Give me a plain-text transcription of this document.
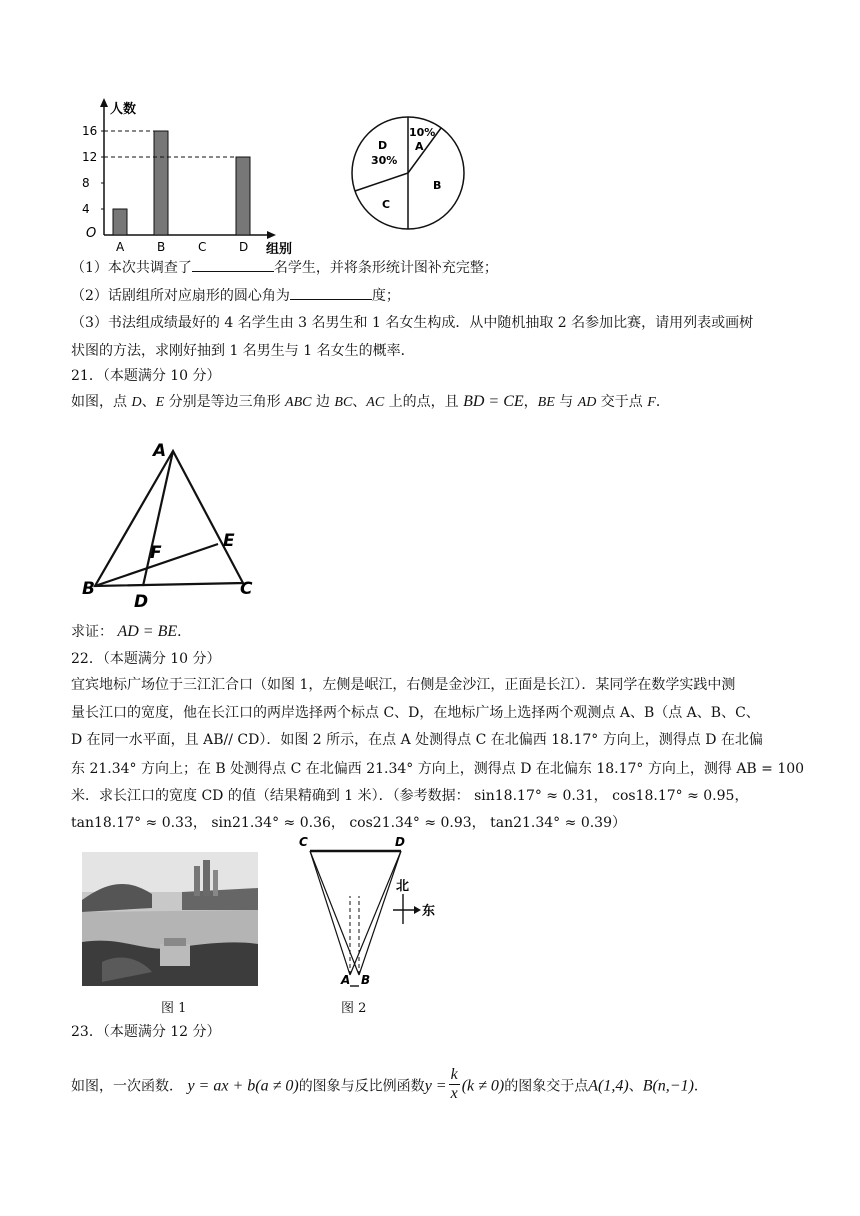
人数
组别
O
4
8
12
16
A	B	C	D
10%
A
D
30%
B
C
（1）本次共调查了	名学生，并将条形统计图补充完整；
（2）话剧组所对应扇形的圆心角为	度；
（3）书法组成绩最好的 4 名学生由 3 名男生和 1 名女生构成．从中随机抽取 2 名参加比赛，请用列表或画树
状图的方法，求刚好抽到 1 名男生与 1 名女生的概率．
21．（本题满分 10 分）
如图，点 D、E 分别是等边三角形 ABC 边 BC、AC 上的点，且 BD = CE，BE 与 AD 交于点 F．
A
B	C
D
E
F
求证： AD = BE．
22．（本题满分 10 分）
宜宾地标广场位于三江汇合口（如图 1，左侧是岷江，右侧是金沙江，正面是长江）．某同学在数学实践中测
量长江口的宽度，他在长江口的两岸选择两个标点 C、D，在地标广场上选择两个观测点 A、B（点 A、B、C、
D 在同一水平面，且 AB// CD）．如图 2 所示，在点 A 处测得点 C 在北偏西 18.17° 方向上，测得点 D 在北偏
东 21.34° 方向上；在 B 处测得点 C 在北偏西 21.34° 方向上，测得点 D 在北偏东 18.17° 方向上，测得 AB = 100
米．求长江口的宽度 CD 的值（结果精确到 1 米）．（参考数据： sin18.17° ≈ 0.31， cos18.17° ≈ 0.95，
tan18.17° ≈ 0.33， sin21.34° ≈ 0.36， cos21.34° ≈ 0.93， tan21.34° ≈ 0.39）
图 1
C	D
A B
北
东
图 2
23．（本题满分 12 分）
如图，一次函数． y = ax + b(a ≠ 0)的图象与反比例函数$y = \frac{k}{x} (k \ne 0)$的图象交于点A(1,4)、B(n,−1)．
